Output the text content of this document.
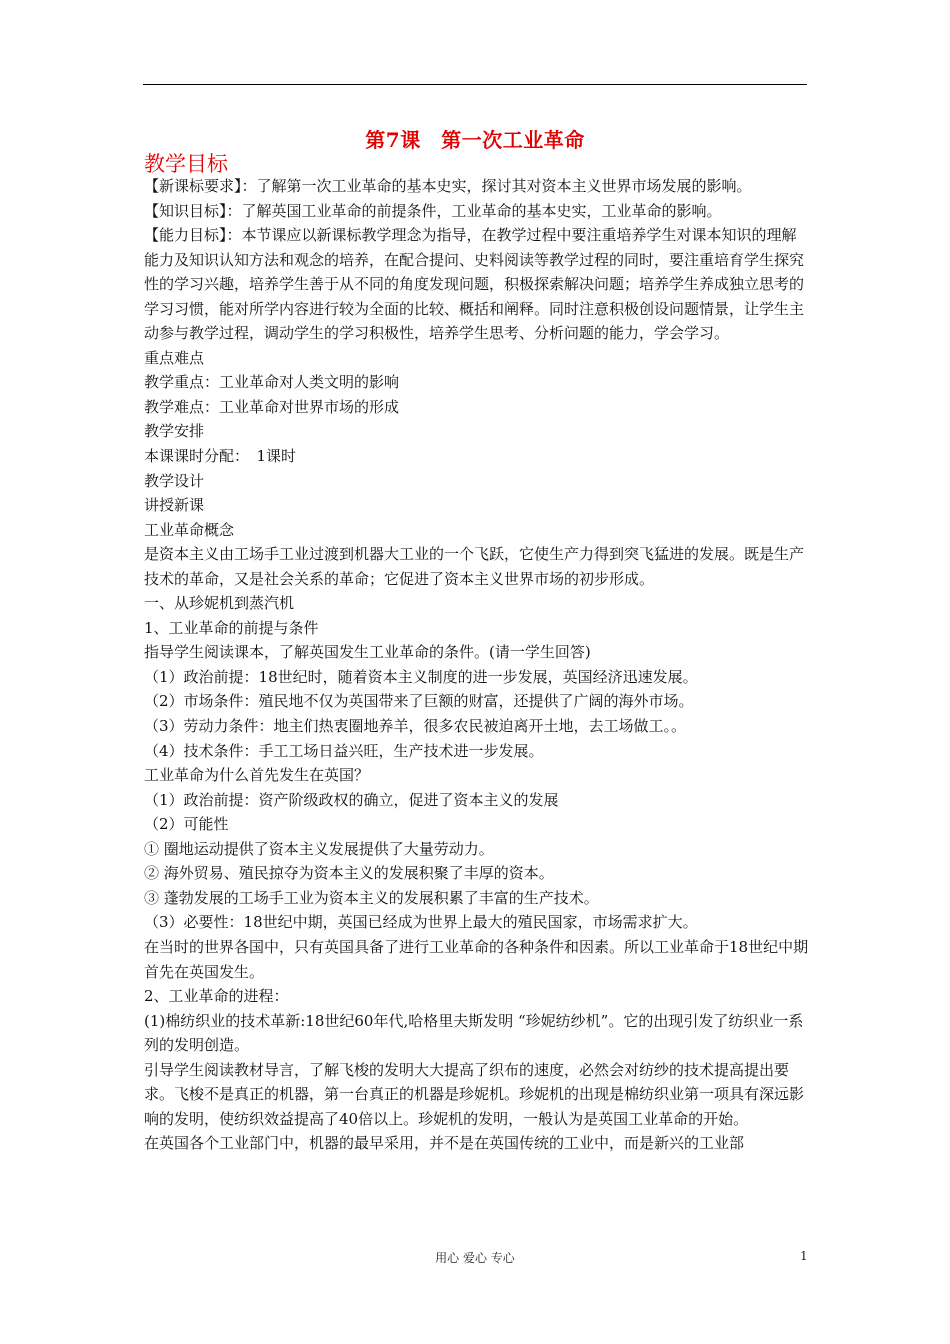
第7课　第一次工业革命
教学目标

【新课标要求】：了解第一次工业革命的基本史实，探讨其对资本主义世界市场发展的影响。

【知识目标】：了解英国工业革命的前提条件，工业革命的基本史实，工业革命的影响。

【能力目标】：本节课应以新课标教学理念为指导，在教学过程中要注重培养学生对课本知识的理解能力及知识认知方法和观念的培养，在配合提问、史料阅读等教学过程的同时，要注重培育学生探究性的学习兴趣，培养学生善于从不同的角度发现问题，积极探索解决问题；培养学生养成独立思考的学习习惯，能对所学内容进行较为全面的比较、概括和阐释。同时注意积极创设问题情景，让学生主动参与教学过程，调动学生的学习积极性，培养学生思考、分析问题的能力，学会学习。

重点难点

教学重点：工业革命对人类文明的影响

教学难点：工业革命对世界市场的形成

教学安排

本课课时分配：　1课时

教学设计

讲授新课

工业革命概念

是资本主义由工场手工业过渡到机器大工业的一个飞跃，它使生产力得到突飞猛进的发展。既是生产技术的革命，又是社会关系的革命；它促进了资本主义世界市场的初步形成。

一、从珍妮机到蒸汽机

1、工业革命的前提与条件

指导学生阅读课本，了解英国发生工业革命的条件。(请一学生回答)

（1）政治前提：18世纪时，随着资本主义制度的进一步发展，英国经济迅速发展。

（2）市场条件：殖民地不仅为英国带来了巨额的财富，还提供了广阔的海外市场。

（3）劳动力条件：地主们热衷圈地养羊，很多农民被迫离开土地，去工场做工。。

（4）技术条件：手工工场日益兴旺，生产技术进一步发展。

工业革命为什么首先发生在英国？

（1）政治前提：资产阶级政权的确立，促进了资本主义的发展

（2）可能性

① 圈地运动提供了资本主义发展提供了大量劳动力。

② 海外贸易、殖民掠夺为资本主义的发展积聚了丰厚的资本。

③ 蓬勃发展的工场手工业为资本主义的发展积累了丰富的生产技术。

（3）必要性：18世纪中期，英国已经成为世界上最大的殖民国家，市场需求扩大。

在当时的世界各国中，只有英国具备了进行工业革命的各种条件和因素。所以工业革命于18世纪中期首先在英国发生。

2、工业革命的进程：

(1)棉纺织业的技术革新:18世纪60年代,哈格里夫斯发明 “珍妮纺纱机”。它的出现引发了纺织业一系列的发明创造。

引导学生阅读教材导言，了解飞梭的发明大大提高了织布的速度，必然会对纺纱的技术提高提出要求。飞梭不是真正的机器，第一台真正的机器是珍妮机。珍妮机的出现是棉纺织业第一项具有深远影响的发明，使纺织效益提高了40倍以上。珍妮机的发明，一般认为是英国工业革命的开始。

在英国各个工业部门中，机器的最早采用，并不是在英国传统的工业中，而是新兴的工业部

用心 爱心 专心	1
